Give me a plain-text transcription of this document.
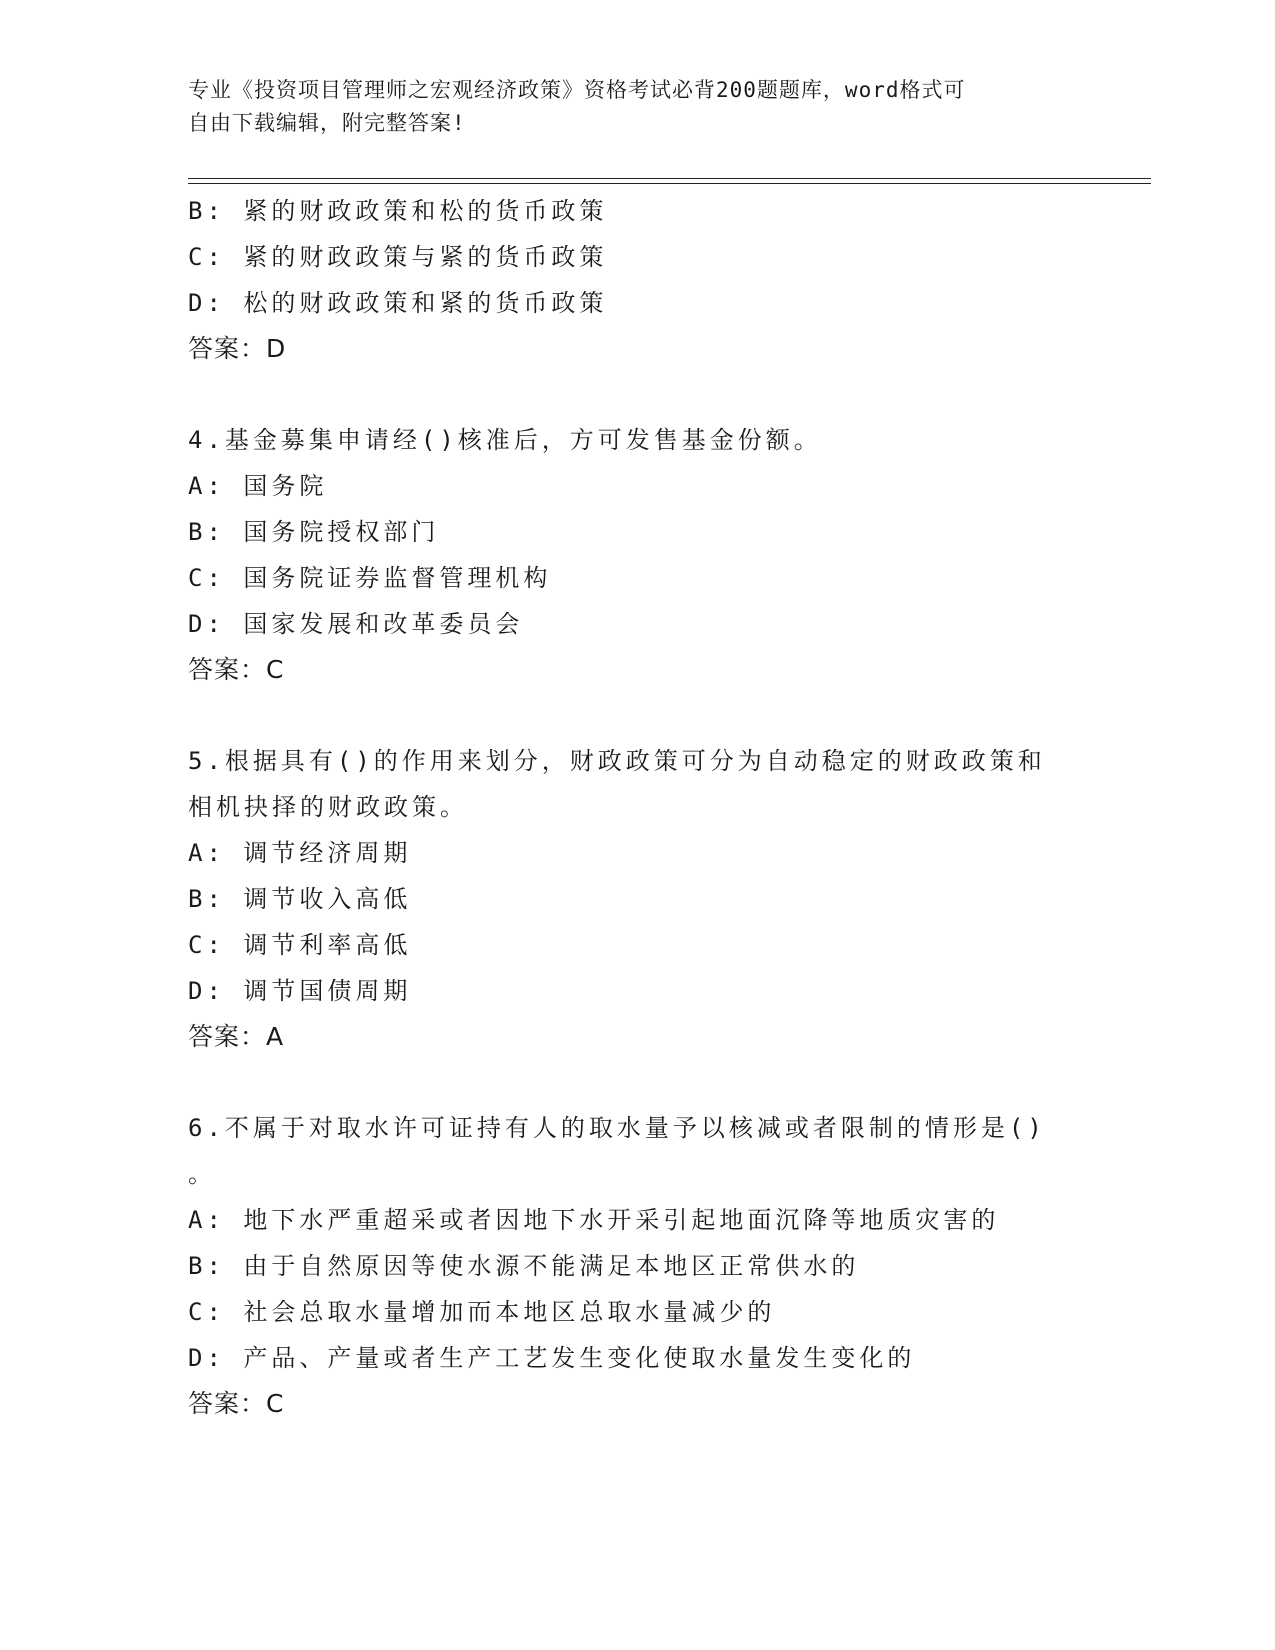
专业《投资项目管理师之宏观经济政策》资格考试必背200题题库，word格式可
自由下载编辑，附完整答案!
B: 紧的财政政策和松的货币政策
C: 紧的财政政策与紧的货币政策
D: 松的财政政策和紧的货币政策
答案：D
4.基金募集申请经()核准后，方可发售基金份额。
A: 国务院
B: 国务院授权部门
C: 国务院证券监督管理机构
D: 国家发展和改革委员会
答案：C
5.根据具有()的作用来划分，财政政策可分为自动稳定的财政政策和
相机抉择的财政政策。
A: 调节经济周期
B: 调节收入高低
C: 调节利率高低
D: 调节国债周期
答案：A
6.不属于对取水许可证持有人的取水量予以核减或者限制的情形是()
。
A: 地下水严重超采或者因地下水开采引起地面沉降等地质灾害的
B: 由于自然原因等使水源不能满足本地区正常供水的
C: 社会总取水量增加而本地区总取水量减少的
D: 产品、产量或者生产工艺发生变化使取水量发生变化的
答案：C
